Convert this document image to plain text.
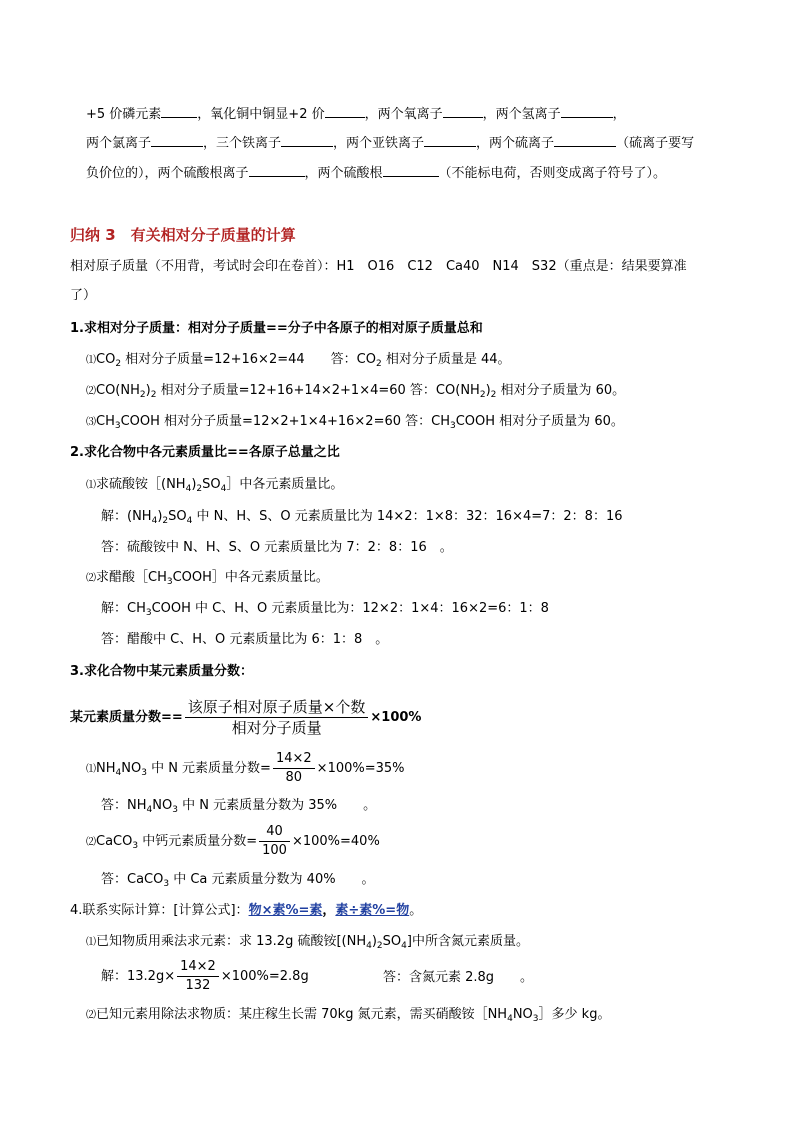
+5 价磷元素	，氧化铜中铜显+2 价	，两个氧离子	，两个氢离子	，
两个氯离子	，三个铁离子	，两个亚铁离子	，两个硫离子	（硫离子要写
负价位的），两个硫酸根离子	，两个硫酸根	（不能标电荷，否则变成离子符号了）。
归纳 3　有关相对分子质量的计算
相对原子质量（不用背，考试时会印在卷首）：H1　O16　C12　Ca40　N14　S32（重点是：结果要算准
了）
1.求相对分子质量：相对分子质量==分子中各原子的相对原子质量总和
$⑴CO_2$ 相对分子质量=12+16×2=44　　答：$CO_2$ 相对分子质量是 44。
$⑵CO(NH_2)_2$ 相对分子质量=12+16+14×2+1×4=60 答：$CO(NH_2)_2$ 相对分子质量为 60。
$⑶CH_3COOH$ 相对分子质量=12×2+1×4+16×2=60 答：$CH_3COOH$ 相对分子质量为 60。
2.求化合物中各元素质量比==各原子总量之比
⑴求硫酸铵$[(NH_4)_2SO_4]$中各元素质量比。
解：$(NH_4)_2SO_4$ 中 N、H、S、O 元素质量比为 14×2：1×8：32：16×4=7：2：8：16
答：硫酸铵中 N、H、S、O 元素质量比为 7：2：8：16　。
⑵求醋酸$[CH_3COOH]$中各元素质量比。
解：$CH_3COOH$ 中 C、H、O 元素质量比为：12×2：1×4：16×2=6：1：8
答：醋酸中 C、H、O 元素质量比为 6：1：8　。
3.求化合物中某元素质量分数：
某元素质量分数== $\frac{\text{该原子相对原子质量×个数}}{\text{相对分子质量}} \times 100\%$
$⑴NH_4NO_3$ 中 N 元素质量分数= $\frac{14\times 2}{80} \times 100\%=35\%$
答：$NH_4NO_3$ 中 N 元素质量分数为 35%　　。
⑵CaCO$_3$ 中钙元素质量分数= $\frac{40}{100} \times 100\%=40\%$
答：CaCO$_3$ 中 Ca 元素质量分数为 40%　　。
4.联系实际计算：[计算公式]：物×素%=素，素÷素%=物。
⑴已知物质用乘法求元素：求 13.2g 硫酸铵$[(NH_4)_2SO_4]$中所含氮元素质量。
解：$13.2g\times \frac{14\times 2}{132} \times 100\%=2.8g$	答：含氮元素 2.8g　　。
⑵已知元素用除法求物质：某庄稼生长需 70kg 氮元素，需买硝酸铵$[NH_4NO_3]$多少 kg。
